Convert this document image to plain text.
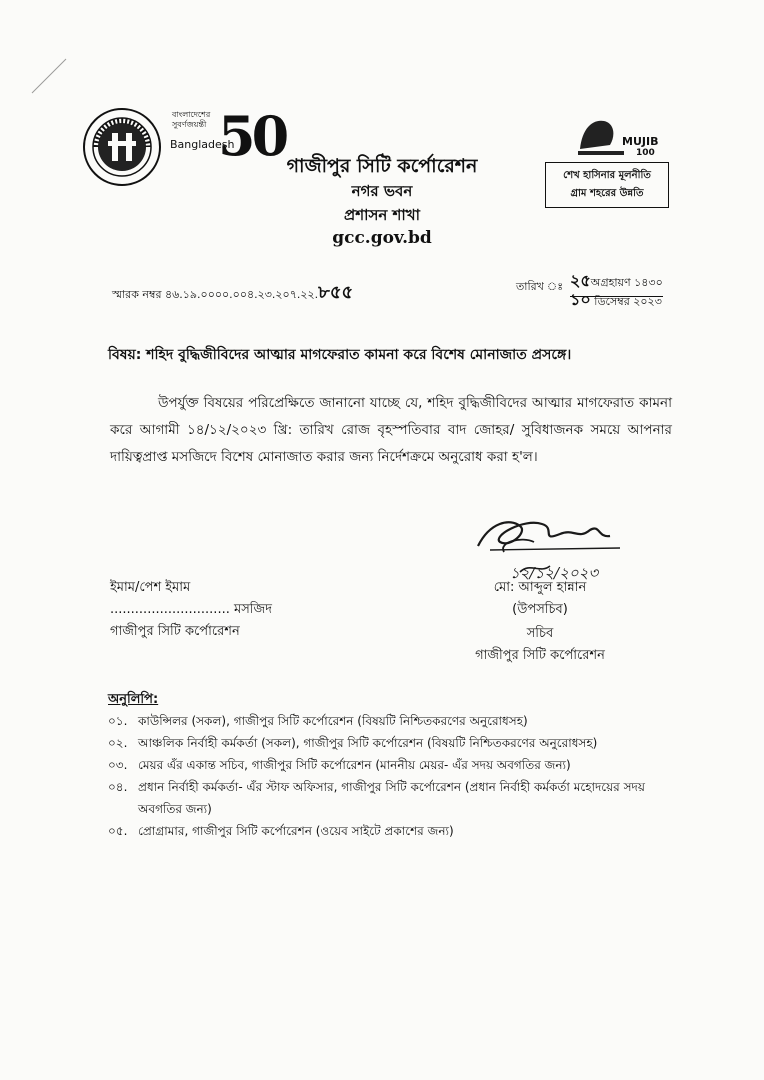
বাংলাদেশের সুবর্ণজয়ন্তী
Bangladesh
50 গাজীপুর সিটি কর্পোরেশন
নগর ভবন
প্রশাসন শাখা
gcc.gov.bd
MUJIB
100
শেখ হাসিনার মূলনীতি
গ্রাম শহরের উন্নতি
স্মারক নম্বর ৪৬.১৯.০০০০.০০৪.২৩.২০৭.২২.৮৫৫	তারিখ ঃ ২৫অগ্রহায়ণ ১৪৩০
১০ ডিসেম্বর ২০২৩
বিষয়: শহিদ বুদ্ধিজীবিদের আত্মার মাগফেরাত কামনা করে বিশেষ মোনাজাত প্রসঙ্গে।
উপর্যুক্ত বিষয়ের পরিপ্রেক্ষিতে জানানো যাচ্ছে যে, শহিদ বুদ্ধিজীবিদের আত্মার মাগফেরাত কামনা করে আগামী ১৪/১২/২০২৩ খ্রি: তারিখ রোজ বৃহস্পতিবার বাদ জোহর/ সুবিধাজনক সময়ে আপনার দায়িত্বপ্রাপ্ত মসজিদে বিশেষ মোনাজাত করার জন্য নির্দেশক্রমে অনুরোধ করা হ'ল।
১২/১২/২০২৩
মো: আব্দুল হান্নান
(উপসচিব)
সচিব
গাজীপুর সিটি কর্পোরেশন
ইমাম/পেশ ইমাম
............................. মসজিদ
গাজীপুর সিটি কর্পোরেশন
অনুলিপি:
০১. কাউন্সিলর (সকল), গাজীপুর সিটি কর্পোরেশন (বিষয়টি নিশ্চিতকরণের অনুরোধসহ)
০২. আঞ্চলিক নির্বাহী কর্মকর্তা (সকল), গাজীপুর সিটি কর্পোরেশন (বিষয়টি নিশ্চিতকরণের অনুরোধসহ)
০৩. মেয়র এঁর একান্ত সচিব, গাজীপুর সিটি কর্পোরেশন (মাননীয় মেয়র- এঁর সদয় অবগতির জন্য)
০৪. প্রধান নির্বাহী কর্মকর্তা- এঁর স্টাফ অফিসার, গাজীপুর সিটি কর্পোরেশন (প্রধান নির্বাহী কর্মকর্তা মহোদয়ের সদয় অবগতির জন্য)
০৫. প্রোগ্রামার, গাজীপুর সিটি কর্পোরেশন (ওয়েব সাইটে প্রকাশের জন্য)
